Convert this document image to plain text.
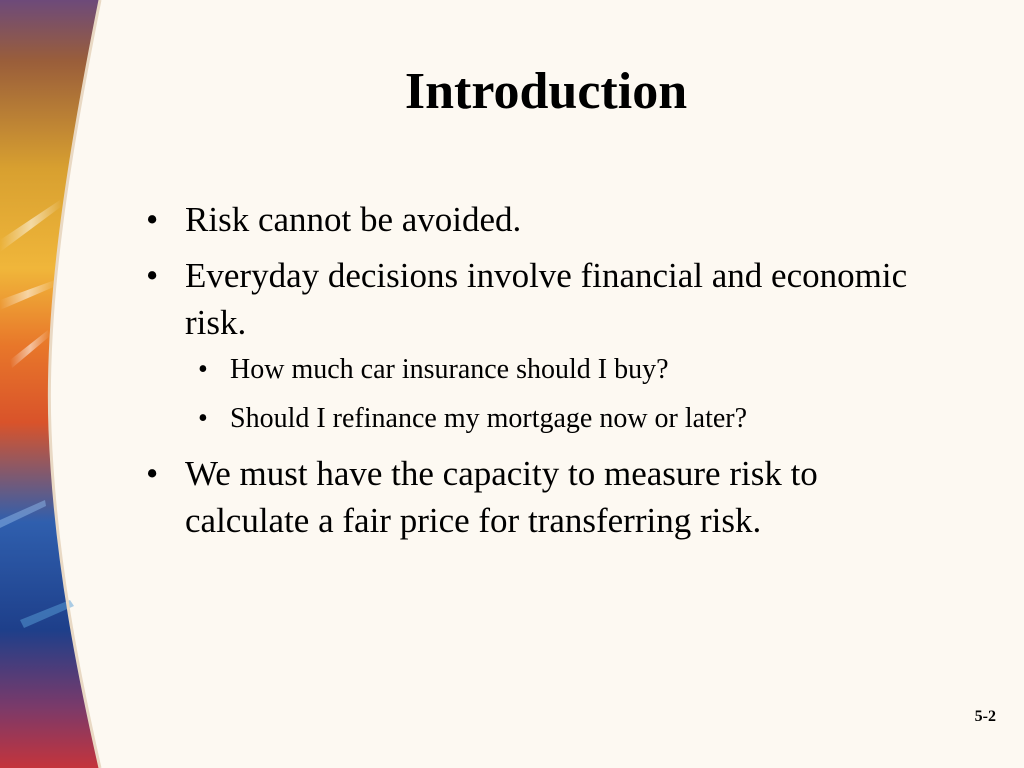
Introduction
• Risk cannot be avoided.
• Everyday decisions involve financial and economic risk.
• How much car insurance should I buy?
• Should I refinance my mortgage now or later?
• We must have the capacity to measure risk to calculate a fair price for transferring risk.
5-2
